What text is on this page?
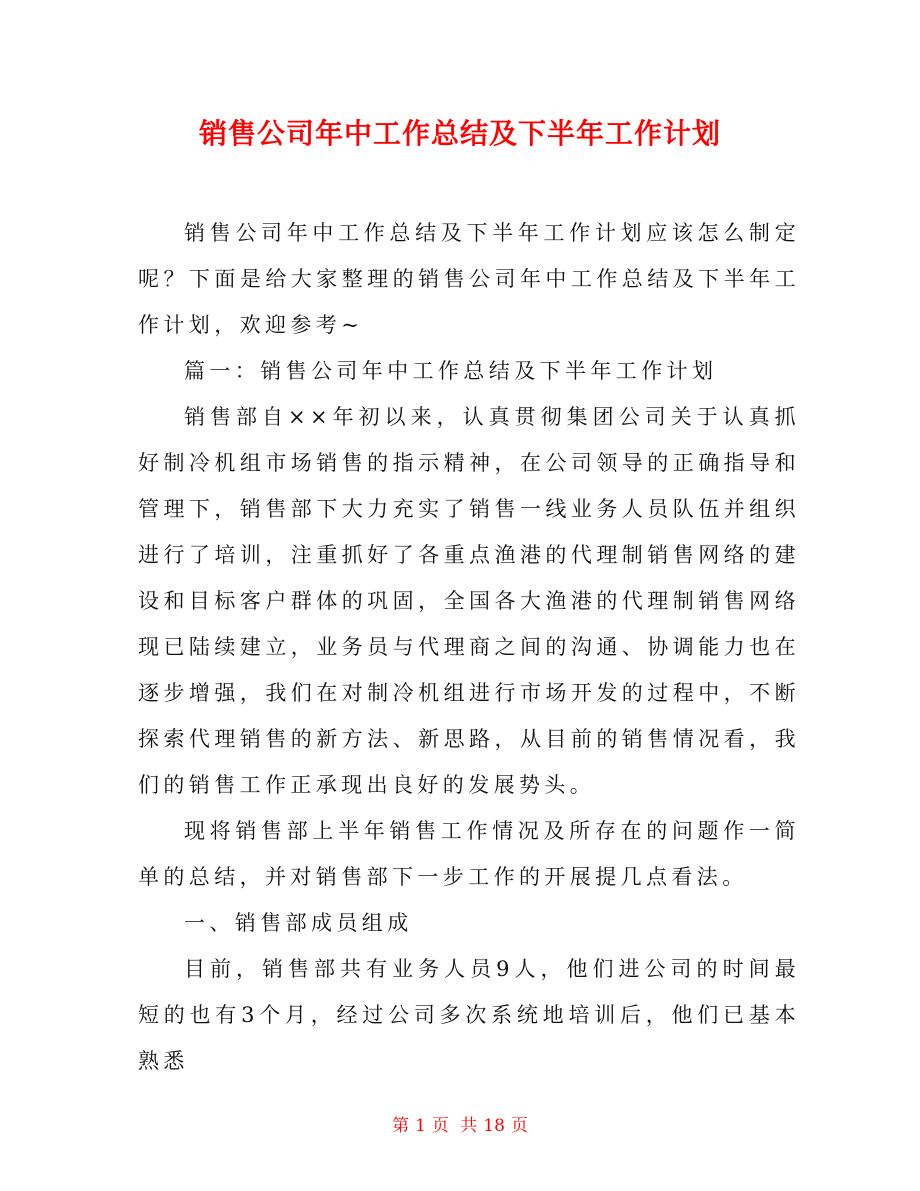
销售公司年中工作总结及下半年工作计划

销售公司年中工作总结及下半年工作计划应该怎么制定呢？下面是给大家整理的销售公司年中工作总结及下半年工作计划，欢迎参考~

篇一：销售公司年中工作总结及下半年工作计划

销售部自××年初以来，认真贯彻集团公司关于认真抓好制冷机组市场销售的指示精神，在公司领导的正确指导和管理下，销售部下大力充实了销售一线业务人员队伍并组织进行了培训，注重抓好了各重点渔港的代理制销售网络的建设和目标客户群体的巩固，全国各大渔港的代理制销售网络现已陆续建立，业务员与代理商之间的沟通、协调能力也在逐步增强，我们在对制冷机组进行市场开发的过程中，不断探索代理销售的新方法、新思路，从目前的销售情况看，我们的销售工作正承现出良好的发展势头。

现将销售部上半年销售工作情况及所存在的问题作一简单的总结，并对销售部下一步工作的开展提几点看法。

一、销售部成员组成

目前，销售部共有业务人员9人，他们进公司的时间最短的也有3个月，经过公司多次系统地培训后，他们已基本熟悉

第 1 页 共 18 页
